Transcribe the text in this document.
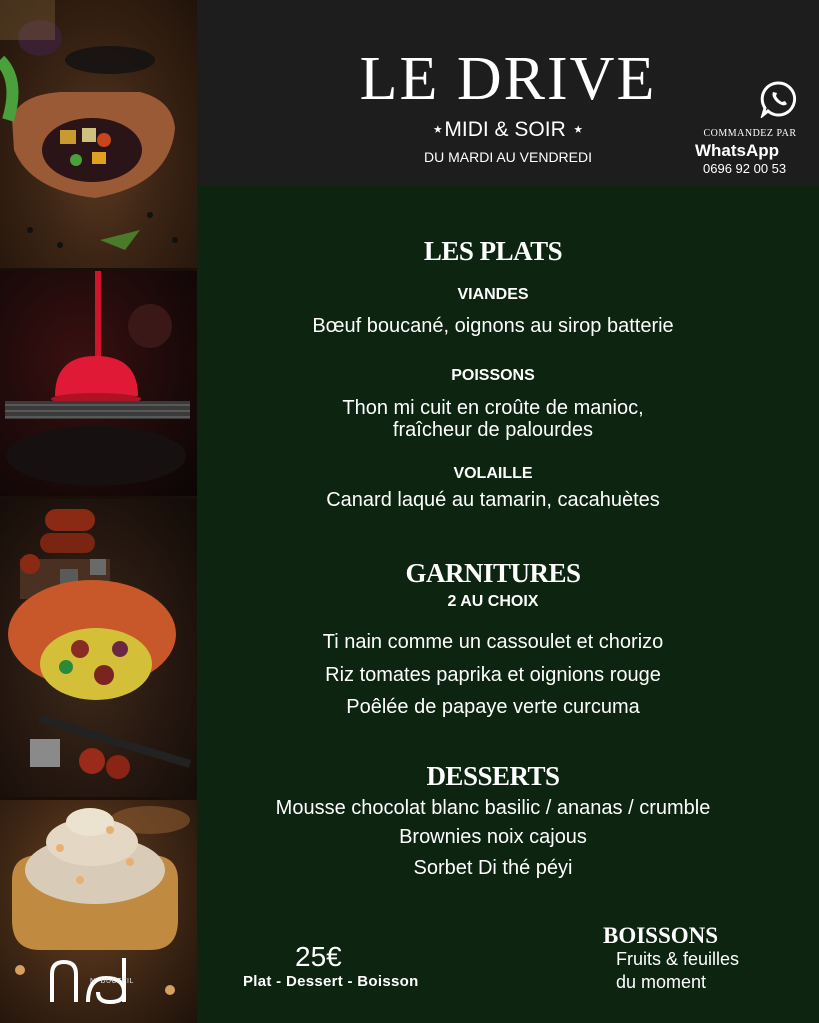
N. DUCTEIL
LE DRIVE
⋆MIDI & SOIR ⋆
DU MARDI AU VENDREDI
COMMANDEZ PAR
WhatsApp
0696 92 00 53
LES PLATS
VIANDES
Bœuf boucané, oignons au sirop batterie
POISSONS
Thon mi cuit en croûte de manioc,
fraîcheur de palourdes
VOLAILLE
Canard laqué au tamarin, cacahuètes
GARNITURES
2 AU CHOIX
Ti nain comme un cassoulet et chorizo
Riz tomates paprika et oignions rouge
Poêlée de papaye verte curcuma
DESSERTS
Mousse chocolat blanc basilic / ananas / crumble
Brownies noix cajous
Sorbet Di thé péyi
25€
Plat - Dessert - Boisson
BOISSONS
Fruits & feuilles
du moment
